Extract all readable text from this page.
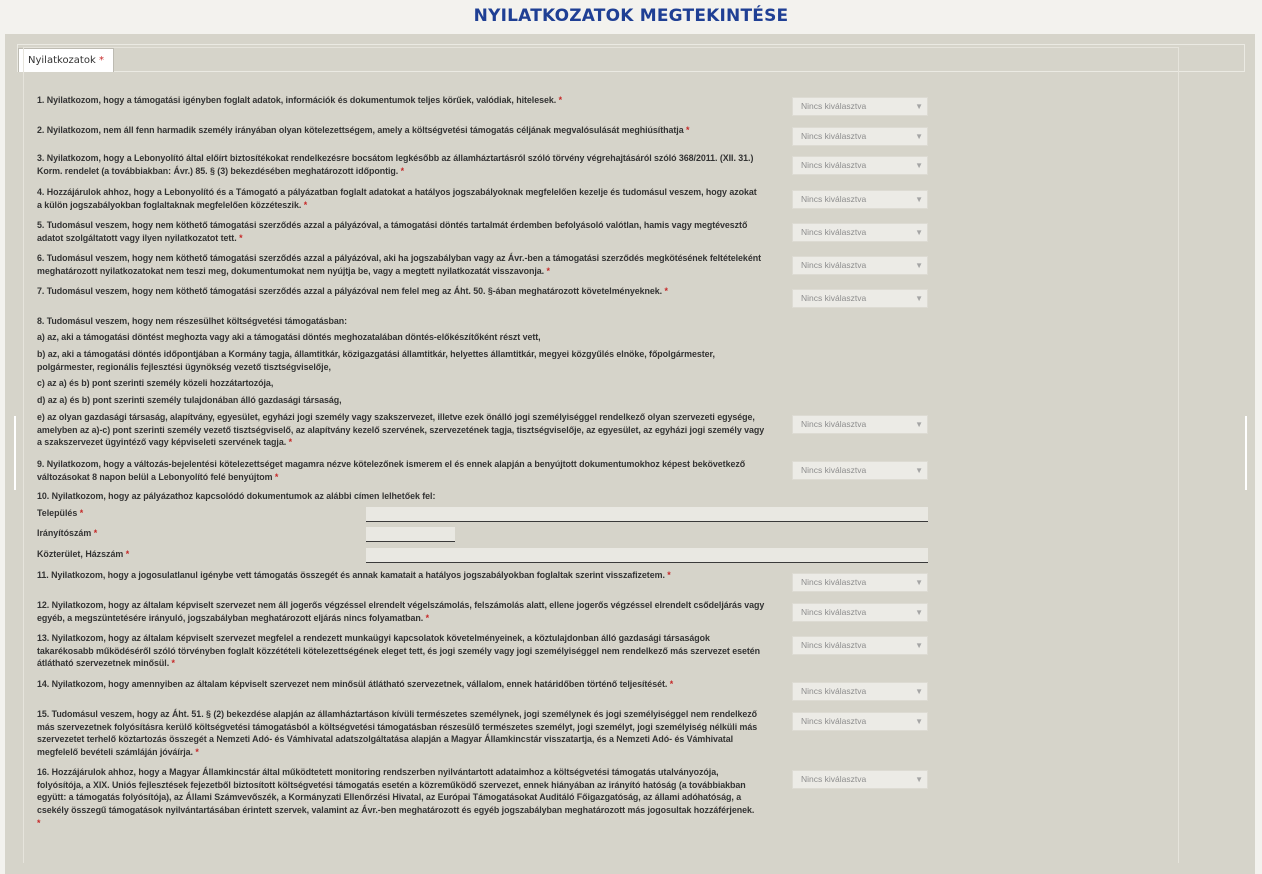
NYILATKOZATOK MEGTEKINTÉSE
Nyilatkozatok *
1. Nyilatkozom, hogy a támogatási igényben foglalt adatok, információk és dokumentumok teljes körűek, valódiak, hitelesek. *
Nincs kiválasztva	▼
2. Nyilatkozom, nem áll fenn harmadik személy irányában olyan kötelezettségem, amely a költségvetési támogatás céljának megvalósulását meghiúsíthatja *
Nincs kiválasztva	▼
3. Nyilatkozom, hogy a Lebonyolító által előírt biztosítékokat rendelkezésre bocsátom legkésőbb az államháztartásról szóló törvény végrehajtásáról szóló 368/2011. (XII. 31.)
Korm. rendelet (a továbbiakban: Ávr.) 85. § (3) bekezdésében meghatározott időpontig. *
Nincs kiválasztva	▼
4. Hozzájárulok ahhoz, hogy a Lebonyolító és a Támogató a pályázatban foglalt adatokat a hatályos jogszabályoknak megfelelően kezelje és tudomásul veszem, hogy azokat
a külön jogszabályokban foglaltaknak megfelelően közzéteszik. *
Nincs kiválasztva	▼
5. Tudomásul veszem, hogy nem köthető támogatási szerződés azzal a pályázóval, a támogatási döntés tartalmát érdemben befolyásoló valótlan, hamis vagy megtévesztő
adatot szolgáltatott vagy ilyen nyilatkozatot tett. *
Nincs kiválasztva	▼
6. Tudomásul veszem, hogy nem köthető támogatási szerződés azzal a pályázóval, aki ha jogszabályban vagy az Ávr.-ben a támogatási szerződés megkötésének feltételeként
meghatározott nyilatkozatokat nem teszi meg, dokumentumokat nem nyújtja be, vagy a megtett nyilatkozatát visszavonja. *
Nincs kiválasztva	▼
7. Tudomásul veszem, hogy nem köthető támogatási szerződés azzal a pályázóval nem felel meg az Áht. 50. §-ában meghatározott követelményeknek. *
Nincs kiválasztva	▼
8. Tudomásul veszem, hogy nem részesülhet költségvetési támogatásban:
a) az, aki a támogatási döntést meghozta vagy aki a támogatási döntés meghozatalában döntés-előkészítőként részt vett,
b) az, aki a támogatási döntés időpontjában a Kormány tagja, államtitkár, közigazgatási államtitkár, helyettes államtitkár, megyei közgyűlés elnöke, főpolgármester,
polgármester, regionális fejlesztési ügynökség vezető tisztségviselője,
c) az a) és b) pont szerinti személy közeli hozzátartozója,
d) az a) és b) pont szerinti személy tulajdonában álló gazdasági társaság,
e) az olyan gazdasági társaság, alapítvány, egyesület, egyházi jogi személy vagy szakszervezet, illetve ezek önálló jogi személyiséggel rendelkező olyan szervezeti egysége,
amelyben az a)-c) pont szerinti személy vezető tisztségviselő, az alapítvány kezelő szervének, szervezetének tagja, tisztségviselője, az egyesület, az egyházi jogi személy vagy
a szakszervezet ügyintéző vagy képviseleti szervének tagja. *
Nincs kiválasztva	▼
9. Nyilatkozom, hogy a változás-bejelentési kötelezettséget magamra nézve kötelezőnek ismerem el és ennek alapján a benyújtott dokumentumokhoz képest bekövetkező
változásokat 8 napon belül a Lebonyolító felé benyújtom *
Nincs kiválasztva	▼
10. Nyilatkozom, hogy az pályázathoz kapcsolódó dokumentumok az alábbi címen lelhetőek fel:
Település *
Irányítószám *
Közterület, Házszám *
11. Nyilatkozom, hogy a jogosulatlanul igénybe vett támogatás összegét és annak kamatait a hatályos jogszabályokban foglaltak szerint visszafizetem. *
Nincs kiválasztva	▼
12. Nyilatkozom, hogy az általam képviselt szervezet nem áll jogerős végzéssel elrendelt végelszámolás, felszámolás alatt, ellene jogerős végzéssel elrendelt csődeljárás vagy
egyéb, a megszüntetésére irányuló, jogszabályban meghatározott eljárás nincs folyamatban. *
Nincs kiválasztva	▼
13. Nyilatkozom, hogy az általam képviselt szervezet megfelel a rendezett munkaügyi kapcsolatok követelményeinek, a köztulajdonban álló gazdasági társaságok
takarékosabb működéséről szóló törvényben foglalt közzétételi kötelezettségének eleget tett, és jogi személy vagy jogi személyiséggel nem rendelkező más szervezet esetén
átlátható szervezetnek minősül. *
Nincs kiválasztva	▼
14. Nyilatkozom, hogy amennyiben az általam képviselt szervezet nem minősül átlátható szervezetnek, vállalom, ennek határidőben történő teljesítését. *
Nincs kiválasztva	▼
15. Tudomásul veszem, hogy az Áht. 51. § (2) bekezdése alapján az államháztartáson kívüli természetes személynek, jogi személynek és jogi személyiséggel nem rendelkező
más szervezetnek folyósításra kerülő költségvetési támogatásból a költségvetési támogatásban részesülő természetes személyt, jogi személyt, jogi személyiség nélküli más
szervezetet terhelő köztartozás összegét a Nemzeti Adó- és Vámhivatal adatszolgáltatása alapján a Magyar Államkincstár visszatartja, és a Nemzeti Adó- és Vámhivatal
megfelelő bevételi számláján jóváírja. *
Nincs kiválasztva	▼
16. Hozzájárulok ahhoz, hogy a Magyar Államkincstár által működtetett monitoring rendszerben nyilvántartott adataimhoz a költségvetési támogatás utalványozója,
folyósítója, a XIX. Uniós fejlesztések fejezetből biztosított költségvetési támogatás esetén a közreműködő szervezet, ennek hiányában az irányító hatóság (a továbbiakban
együtt: a támogatás folyósítója), az Állami Számvevőszék, a Kormányzati Ellenőrzési Hivatal, az Európai Támogatásokat Auditáló Főigazgatóság, az állami adóhatóság, a
csekély összegű támogatások nyilvántartásában érintett szervek, valamint az Ávr.-ben meghatározott és egyéb jogszabályban meghatározott más jogosultak hozzáférjenek.
*
Nincs kiválasztva	▼
